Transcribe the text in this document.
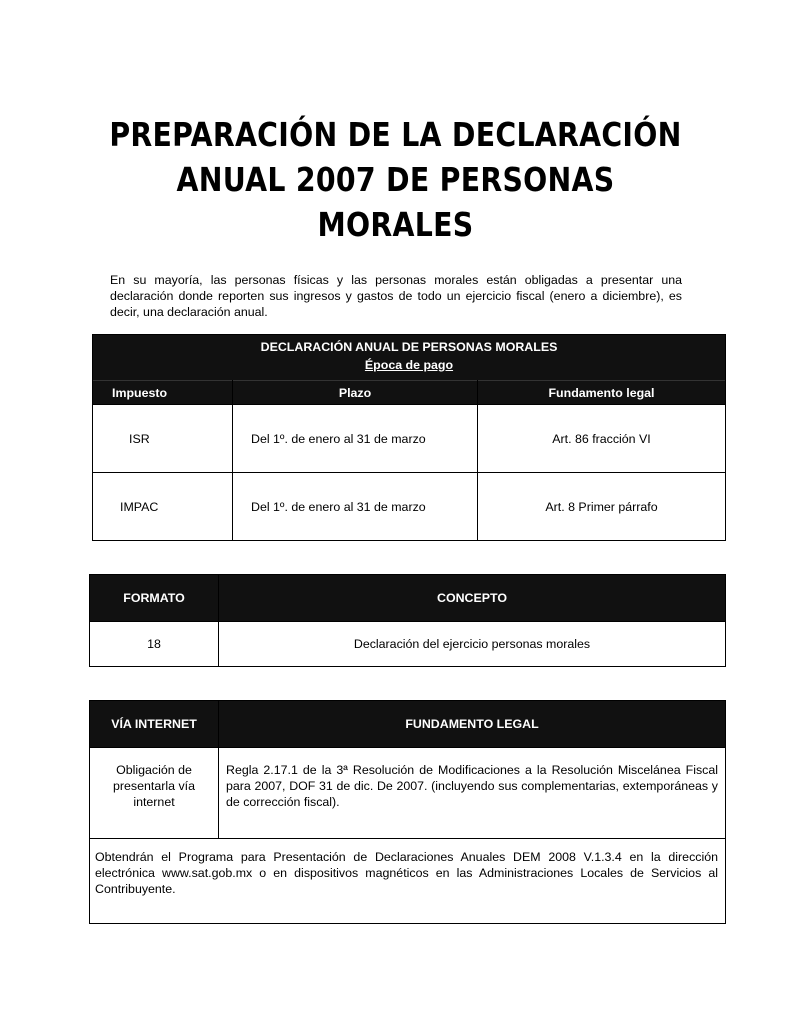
PREPARACIÓN DE LA DECLARACIÓN
ANUAL 2007 DE PERSONAS
MORALES
En su mayoría, las personas físicas y las personas morales están obligadas a presentar una declaración donde reporten sus ingresos y gastos de todo un ejercicio fiscal (enero a diciembre), es decir, una declaración anual.
DECLARACIÓN ANUAL DE PERSONAS MORALES		
Época de pago		
Impuesto	Plazo	Fundamento legal
ISR	Del 1º. de enero al 31 de marzo	Art. 86 fracción VI
IMPAC	Del 1º. de enero al 31 de marzo	Art. 8 Primer párrafo
FORMATO	CONCEPTO
18	Declaración del ejercicio personas morales
VÍA INTERNET	FUNDAMENTO LEGAL
Obligación de presentarla vía internet	Regla 2.17.1 de la 3ª Resolución de Modificaciones a la Resolución Miscelánea Fiscal para 2007, DOF 31 de dic. De 2007. (incluyendo sus complementarias, extemporáneas y de corrección fiscal).
Obtendrán el Programa para Presentación de Declaraciones Anuales DEM 2008 V.1.3.4 en la dirección electrónica www.sat.gob.mx o en dispositivos magnéticos en las Administraciones Locales de Servicios al Contribuyente.	
